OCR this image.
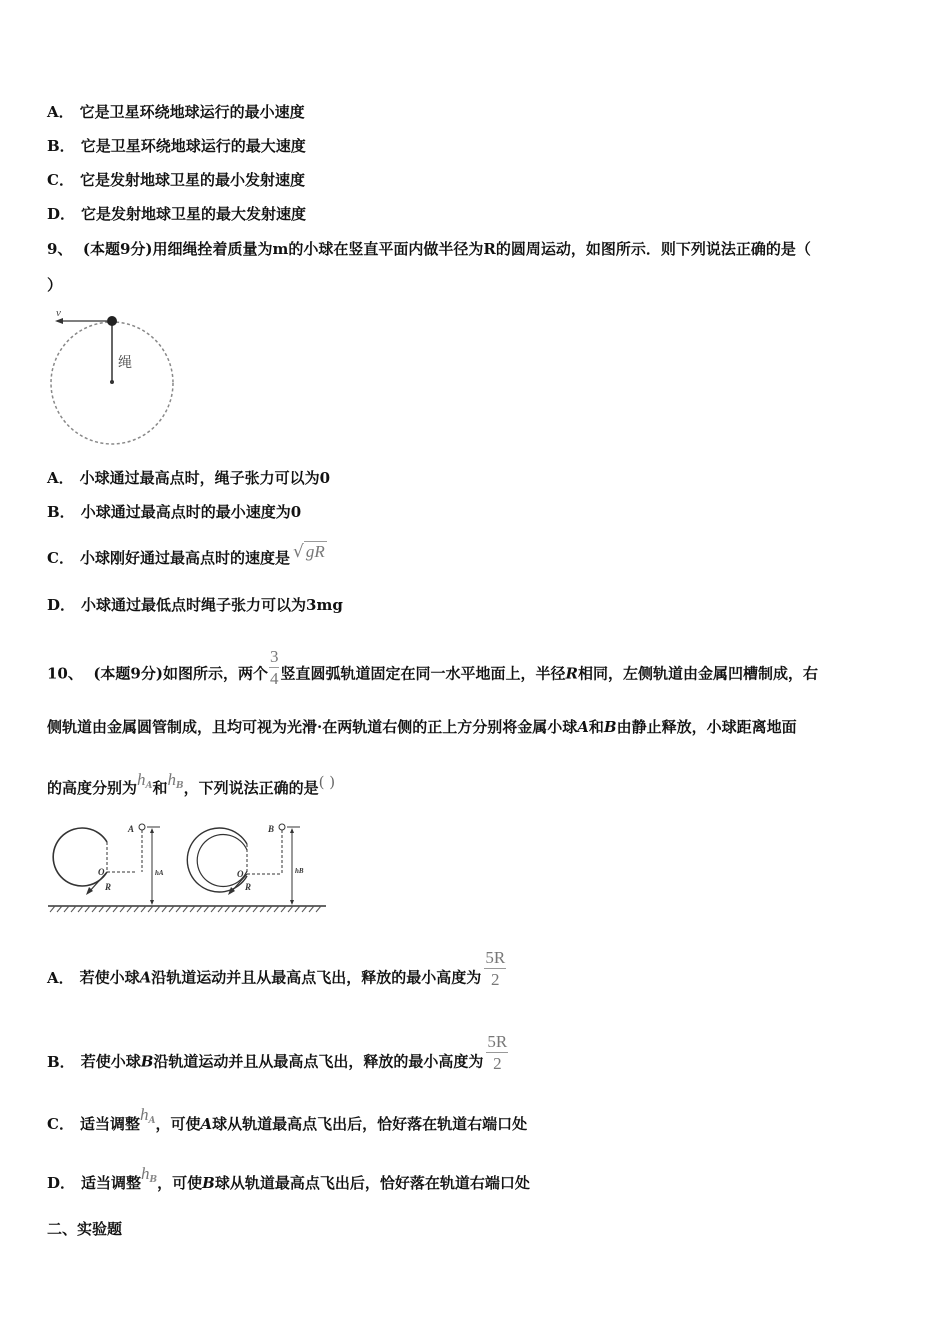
A． 它是卫星环绕地球运行的最小速度
B． 它是卫星环绕地球运行的最大速度
C． 它是发射地球卫星的最小发射速度
D． 它是发射地球卫星的最大发射速度
9、 (本题9分)用细绳拴着质量为m的小球在竖直平面内做半径为R的圆周运动，如图所示．则下列说法正确的是（
）
v
绳
A． 小球通过最高点时，绳子张力可以为0
B． 小球通过最高点时的最小速度为0
C． 小球刚好通过最高点时的速度是 √ gR
D． 小球通过最低点时绳子张力可以为3mg
10、 (本题9分)如图所示，两个 $\frac{3}{4}$ 竖直圆弧轨道固定在同一水平地面上，半径R相同，左侧轨道由金属凹槽制成，右
侧轨道由金属圆管制成，且均可视为光滑·在两轨道右侧的正上方分别将金属小球A和B由静止释放，小球距离地面
的高度分别为$h_A$和$h_B$，下列说法正确的是( )
O
R
A
hA	O
R
B
hB
A． 若使小球A沿轨道运动并且从最高点飞出，释放的最小高度为 $\frac{5R}{2}$
B． 若使小球B沿轨道运动并且从最高点飞出，释放的最小高度为 $\frac{5R}{2}$
C． 适当调整$h_A$，可使A球从轨道最高点飞出后，恰好落在轨道右端口处
D． 适当调整$h_B$，可使B球从轨道最高点飞出后，恰好落在轨道右端口处
二、实验题
